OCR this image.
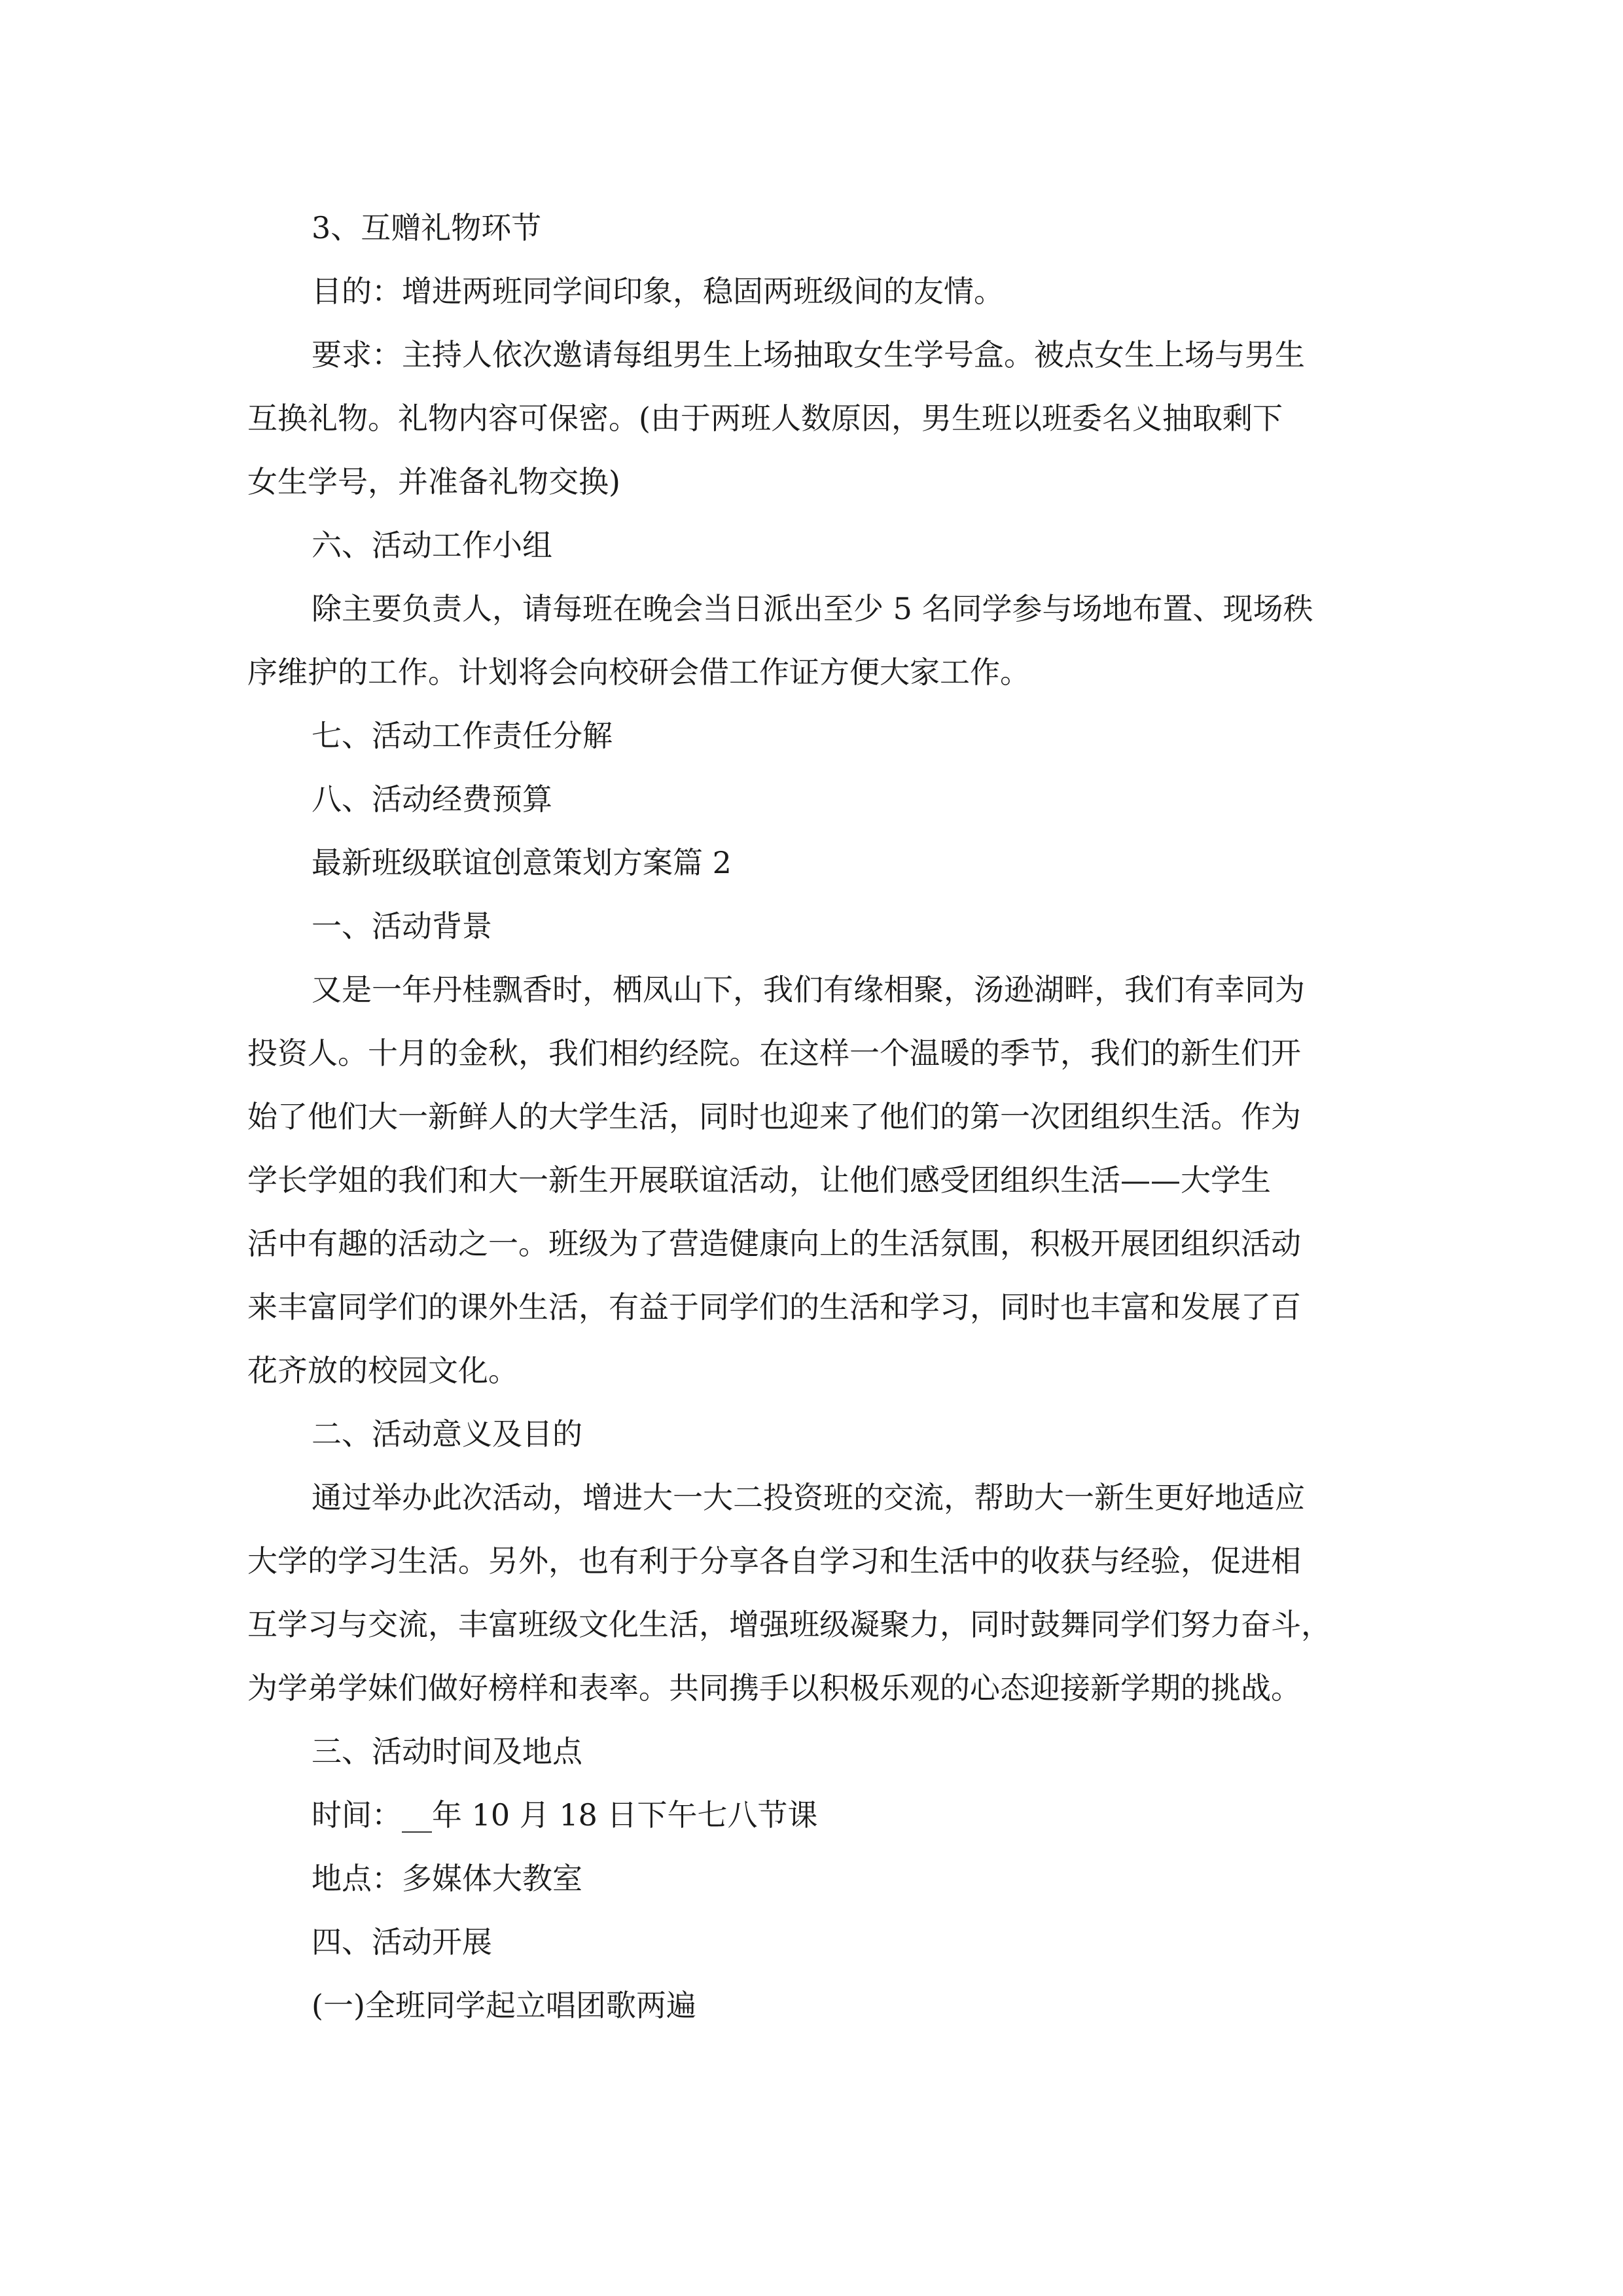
3、互赠礼物环节

目的：增进两班同学间印象，稳固两班级间的友情。

要求：主持人依次邀请每组男生上场抽取女生学号盒。被点女生上场与男生

互换礼物。礼物内容可保密。(由于两班人数原因，男生班以班委名义抽取剩下

女生学号，并准备礼物交换)

六、活动工作小组

除主要负责人，请每班在晚会当日派出至少 5 名同学参与场地布置、现场秩

序维护的工作。计划将会向校研会借工作证方便大家工作。

七、活动工作责任分解

八、活动经费预算

最新班级联谊创意策划方案篇 2

一、活动背景

又是一年丹桂飘香时，栖凤山下，我们有缘相聚，汤逊湖畔，我们有幸同为

投资人。十月的金秋，我们相约经院。在这样一个温暖的季节，我们的新生们开

始了他们大一新鲜人的大学生活，同时也迎来了他们的第一次团组织生活。作为

学长学姐的我们和大一新生开展联谊活动，让他们感受团组织生活——大学生

活中有趣的活动之一。班级为了营造健康向上的生活氛围，积极开展团组织活动

来丰富同学们的课外生活，有益于同学们的生活和学习，同时也丰富和发展了百

花齐放的校园文化。

二、活动意义及目的

通过举办此次活动，增进大一大二投资班的交流，帮助大一新生更好地适应

大学的学习生活。另外，也有利于分享各自学习和生活中的收获与经验，促进相

互学习与交流，丰富班级文化生活，增强班级凝聚力，同时鼓舞同学们努力奋斗，

为学弟学妹们做好榜样和表率。共同携手以积极乐观的心态迎接新学期的挑战。

三、活动时间及地点

时间：__年 10 月 18 日下午七八节课

地点：多媒体大教室

四、活动开展

(一)全班同学起立唱团歌两遍
